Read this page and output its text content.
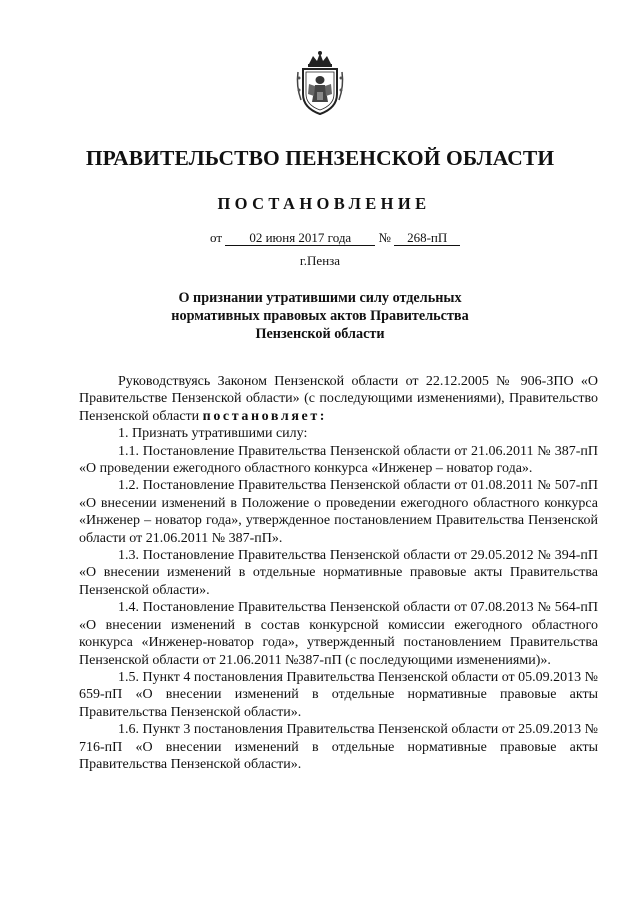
ПРАВИТЕЛЬСТВО ПЕНЗЕНСКОЙ ОБЛАСТИ
ПОСТАНОВЛЕНИЕ
от 02 июня 2017 года № 268-пП
г.Пенза
О признании утратившими силу отдельных
нормативных правовых актов Правительства
Пензенской области

Руководствуясь Законом Пензенской области от 22.12.2005 № 906-ЗПО «О Правительстве Пензенской области» (с последующими изменениями), Правительство Пензенской области постановляет:

1. Признать утратившими силу:

1.1. Постановление Правительства Пензенской области от 21.06.2011 № 387-пП «О проведении ежегодного областного конкурса «Инженер – новатор года».

1.2. Постановление Правительства Пензенской области от 01.08.2011 № 507-пП «О внесении изменений в Положение о проведении ежегодного областного конкурса «Инженер – новатор года», утвержденное постановлением Правительства Пензенской области от 21.06.2011 № 387-пП».

1.3. Постановление Правительства Пензенской области от 29.05.2012 № 394-пП «О внесении изменений в отдельные нормативные правовые акты Правительства Пензенской области».

1.4. Постановление Правительства Пензенской области от 07.08.2013 № 564-пП «О внесении изменений в состав конкурсной комиссии ежегодного областного конкурса «Инженер-новатор года», утвержденный постановлением Правительства Пензенской области от 21.06.2011 №387-пП (с последующими изменениями)».

1.5. Пункт 4 постановления Правительства Пензенской области от 05.09.2013 № 659-пП «О внесении изменений в отдельные нормативные правовые акты Правительства Пензенской области».

1.6. Пункт 3 постановления Правительства Пензенской области от 25.09.2013 № 716-пП «О внесении изменений в отдельные нормативные правовые акты Правительства Пензенской области».
